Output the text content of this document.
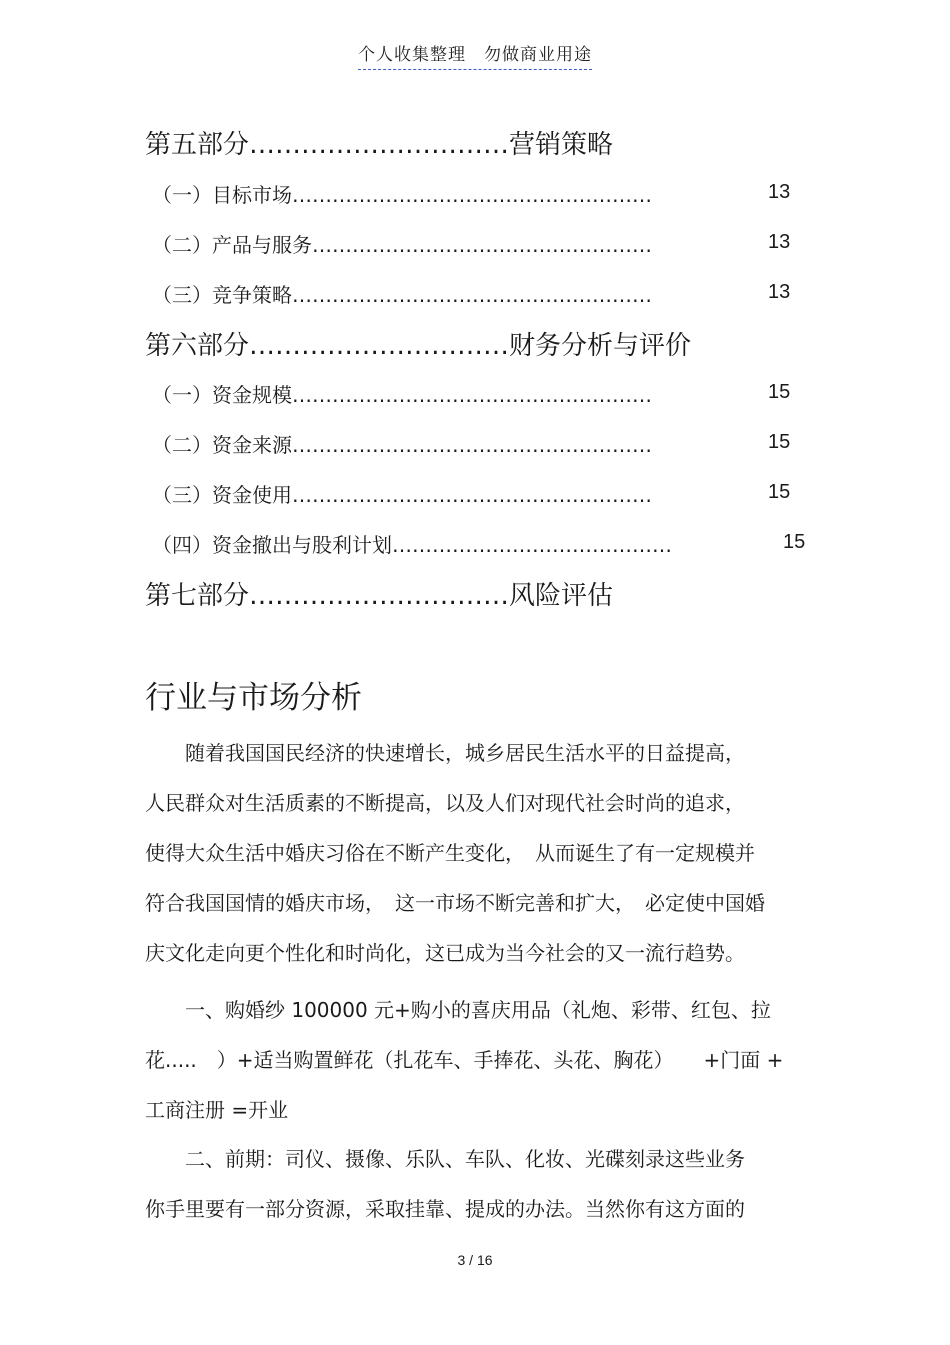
个人收集整理　勿做商业用途
第五部分…………………………营销策略
（一）目标市场………………………………………………	13
（二）产品与服务……………………………………………	13
（三）竞争策略………………………………………………	13
第六部分…………………………财务分析与评价
（一）资金规模………………………………………………	15
（二）资金来源………………………………………………	15
（三）资金使用………………………………………………	15
（四）资金撤出与股利计划……………………………………	15
第七部分…………………………风险评估
行业与市场分析
　　随着我国国民经济的快速增长，城乡居民生活水平的日益提高，
人民群众对生活质素的不断提高，以及人们对现代社会时尚的追求，
使得大众生活中婚庆习俗在不断产生变化，　从而诞生了有一定规模并
符合我国国情的婚庆市场，　这一市场不断完善和扩大，　必定使中国婚
庆文化走向更个性化和时尚化，这已成为当今社会的又一流行趋势。
　　一、购婚纱 100000 元+购小的喜庆用品（礼炮、彩带、红包、拉
花.....　）+适当购置鲜花（扎花车、手捧花、头花、胸花）　　+门面 +
工商注册 =开业
　　二、前期：司仪、摄像、乐队、车队、化妆、光碟刻录这些业务
你手里要有一部分资源，采取挂靠、提成的办法。当然你有这方面的
3 / 16
